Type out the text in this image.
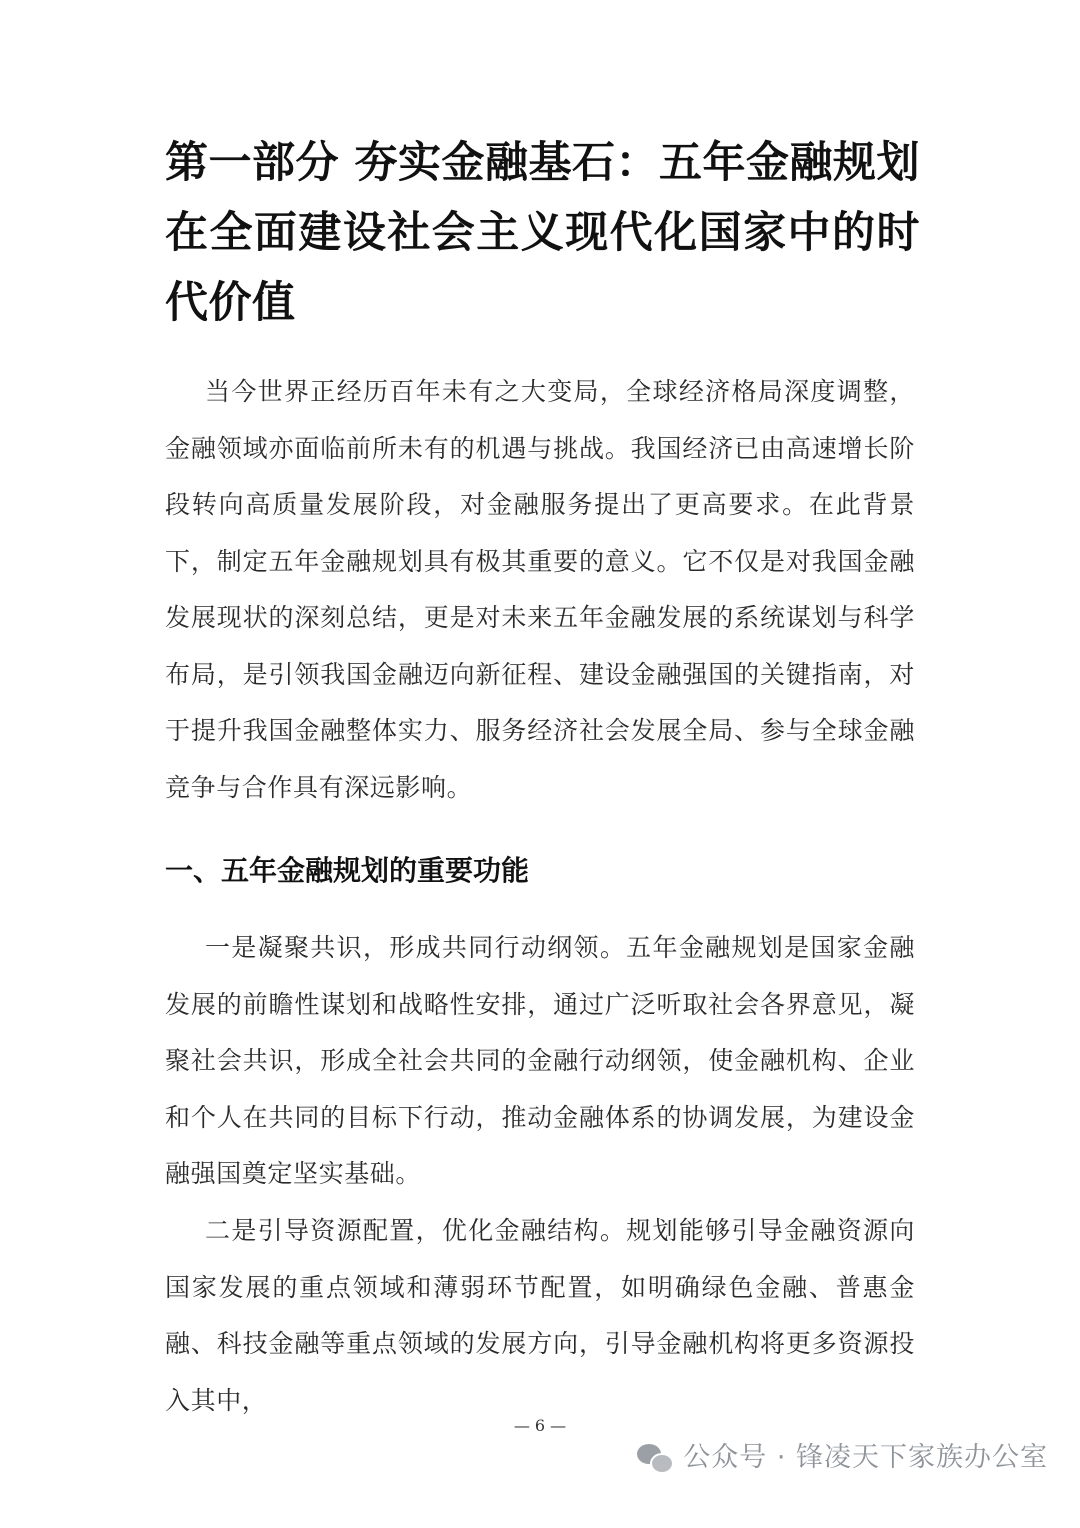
第一部分 夯实金融基石：五年金融规划在全面建设社会主义现代化国家中的时代价值

当今世界正经历百年未有之大变局，全球经济格局深度调整，金融领域亦面临前所未有的机遇与挑战。我国经济已由高速增长阶段转向高质量发展阶段，对金融服务提出了更高要求。在此背景下，制定五年金融规划具有极其重要的意义。它不仅是对我国金融发展现状的深刻总结，更是对未来五年金融发展的系统谋划与科学布局，是引领我国金融迈向新征程、建设金融强国的关键指南，对于提升我国金融整体实力、服务经济社会发展全局、参与全球金融竞争与合作具有深远影响。

一、五年金融规划的重要功能

一是凝聚共识，形成共同行动纲领。五年金融规划是国家金融发展的前瞻性谋划和战略性安排，通过广泛听取社会各界意见，凝聚社会共识，形成全社会共同的金融行动纲领，使金融机构、企业和个人在共同的目标下行动，推动金融体系的协调发展，为建设金融强国奠定坚实基础。

二是引导资源配置，优化金融结构。规划能够引导金融资源向国家发展的重点领域和薄弱环节配置，如明确绿色金融、普惠金融、科技金融等重点领域的发展方向，引导金融机构将更多资源投入其中，

— 6 —
公众号 · 锋凌天下家族办公室
